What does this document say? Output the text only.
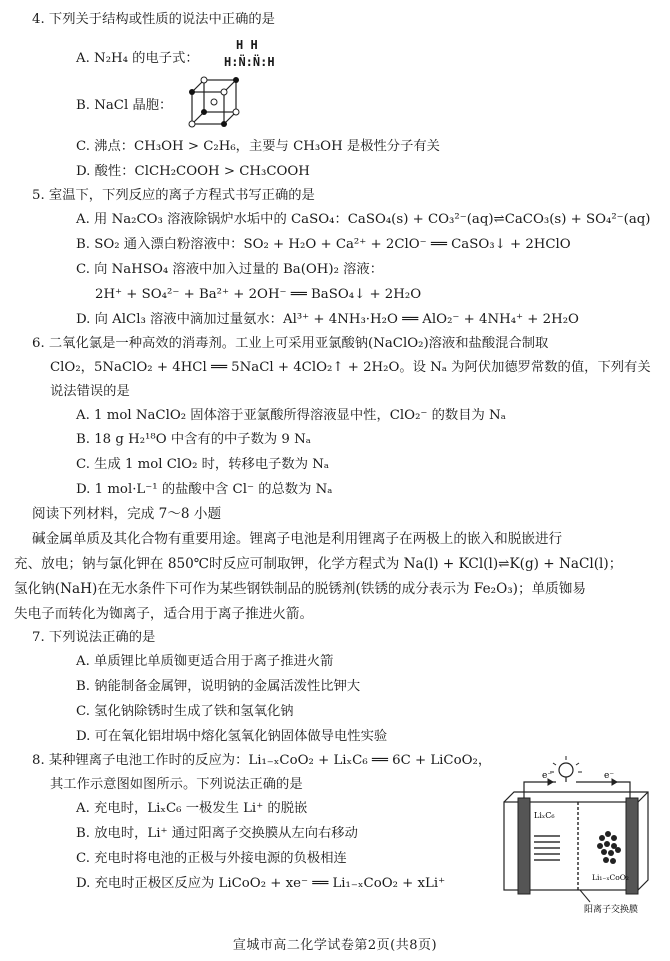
4. 下列关于结构或性质的说法中正确的是
A. N₂H₄ 的电子式：
H H
H:N̈:N̈:H
B. NaCl 晶胞：
C. 沸点：CH₃OH > C₂H₆，主要与 CH₃OH 是极性分子有关
D. 酸性：ClCH₂COOH > CH₃COOH
5. 室温下，下列反应的离子方程式书写正确的是
A. 用 Na₂CO₃ 溶液除锅炉水垢中的 CaSO₄：CaSO₄(s) + CO₃²⁻(aq)⇌CaCO₃(s) + SO₄²⁻(aq)
B. SO₂ 通入漂白粉溶液中：SO₂ + H₂O + Ca²⁺ + 2ClO⁻ ══ CaSO₃↓ + 2HClO
C. 向 NaHSO₄ 溶液中加入过量的 Ba(OH)₂ 溶液：
2H⁺ + SO₄²⁻ + Ba²⁺ + 2OH⁻ ══ BaSO₄↓ + 2H₂O
D. 向 AlCl₃ 溶液中滴加过量氨水：Al³⁺ + 4NH₃·H₂O ══ AlO₂⁻ + 4NH₄⁺ + 2H₂O
6. 二氧化氯是一种高效的消毒剂。工业上可采用亚氯酸钠(NaClO₂)溶液和盐酸混合制取
ClO₂，5NaClO₂ + 4HCl ══ 5NaCl + 4ClO₂↑ + 2H₂O。设 Nₐ 为阿伏加德罗常数的值，下列有关
说法错误的是
A. 1 mol NaClO₂ 固体溶于亚氯酸所得溶液显中性，ClO₂⁻ 的数目为 Nₐ
B. 18 g H₂¹⁸O 中含有的中子数为 9 Nₐ
C. 生成 1 mol ClO₂ 时，转移电子数为 Nₐ
D. 1 mol·L⁻¹ 的盐酸中含 Cl⁻ 的总数为 Nₐ
阅读下列材料，完成 7～8 小题
碱金属单质及其化合物有重要用途。锂离子电池是利用锂离子在两极上的嵌入和脱嵌进行
充、放电；钠与氯化钾在 850℃时反应可制取钾，化学方程式为 Na(l) + KCl(l)⇌K(g) + NaCl(l)；
氢化钠(NaH)在无水条件下可作为某些钢铁制品的脱锈剂(铁锈的成分表示为 Fe₂O₃)；单质铷易
失电子而转化为铷离子，适合用于离子推进火箭。
7. 下列说法正确的是
A. 单质锂比单质铷更适合用于离子推进火箭
B. 钠能制备金属钾，说明钠的金属活泼性比钾大
C. 氢化钠除锈时生成了铁和氢氧化钠
D. 可在氧化铝坩埚中熔化氢氧化钠固体做导电性实验
8. 某种锂离子电池工作时的反应为：Li₁₋ₓCoO₂ + LiₓC₆ ══ 6C + LiCoO₂，
其工作示意图如图所示。下列说法正确的是
A. 充电时，LiₓC₆ 一极发生 Li⁺ 的脱嵌
B. 放电时，Li⁺ 通过阳离子交换膜从左向右移动
C. 充电时将电池的正极与外接电源的负极相连
D. 充电时正极区反应为 LiCoO₂ + xe⁻ ══ Li₁₋ₓCoO₂ + xLi⁺
e⁻	e⁻
LiₓC₆
Li₁₋ₓCoO₂
阳离子交换膜
宣城市高二化学试卷第2页(共8页)
